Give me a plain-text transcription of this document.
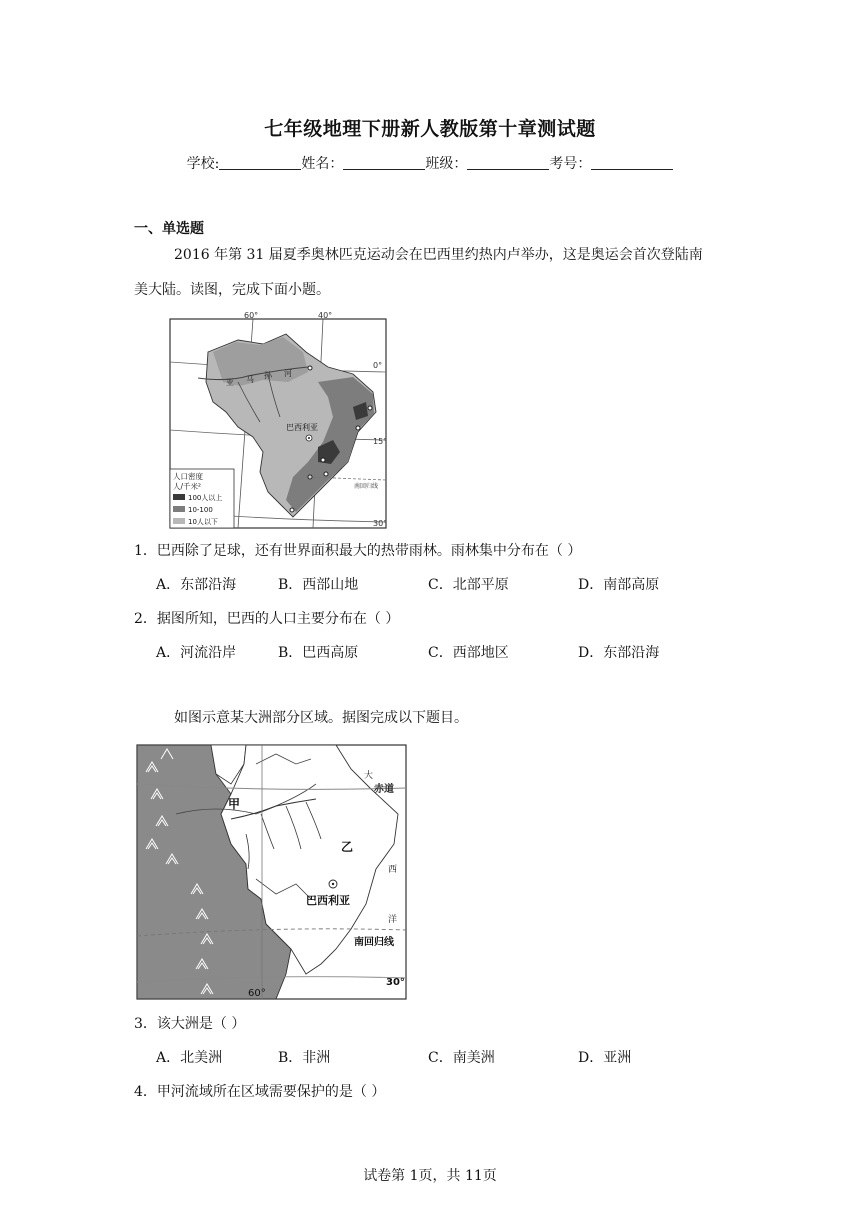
七年级地理下册新人教版第十章测试题
学校:	姓名：	班级：	考号：
一、单选题
2016 年第 31 届夏季奥林匹克运动会在巴西里约热内卢举办，这是奥运会首次登陆南
美大陆。读图，完成下面小题。
60°	40°
0°
15°
30°
亚 马 孙 河
巴西利亚
南回归线
人口密度
人/千米²
100人以上
10-100
10人以下
1．巴西除了足球，还有世界面积最大的热带雨林。雨林集中分布在（ ）
A．东部沿海	B．西部山地	C．北部平原	D．南部高原
2．据图所知，巴西的人口主要分布在（ ）
A．河流沿岸	B．巴西高原	C．西部地区	D．东部沿海
如图示意某大洲部分区域。据图完成以下题目。
大
赤道
西
洋
甲
乙
巴西利亚
南回归线
30°
60°
3．该大洲是（ ）
A．北美洲	B．非洲	C．南美洲	D．亚洲
4．甲河流域所在区域需要保护的是（ ）
试卷第 1页，共 11页
